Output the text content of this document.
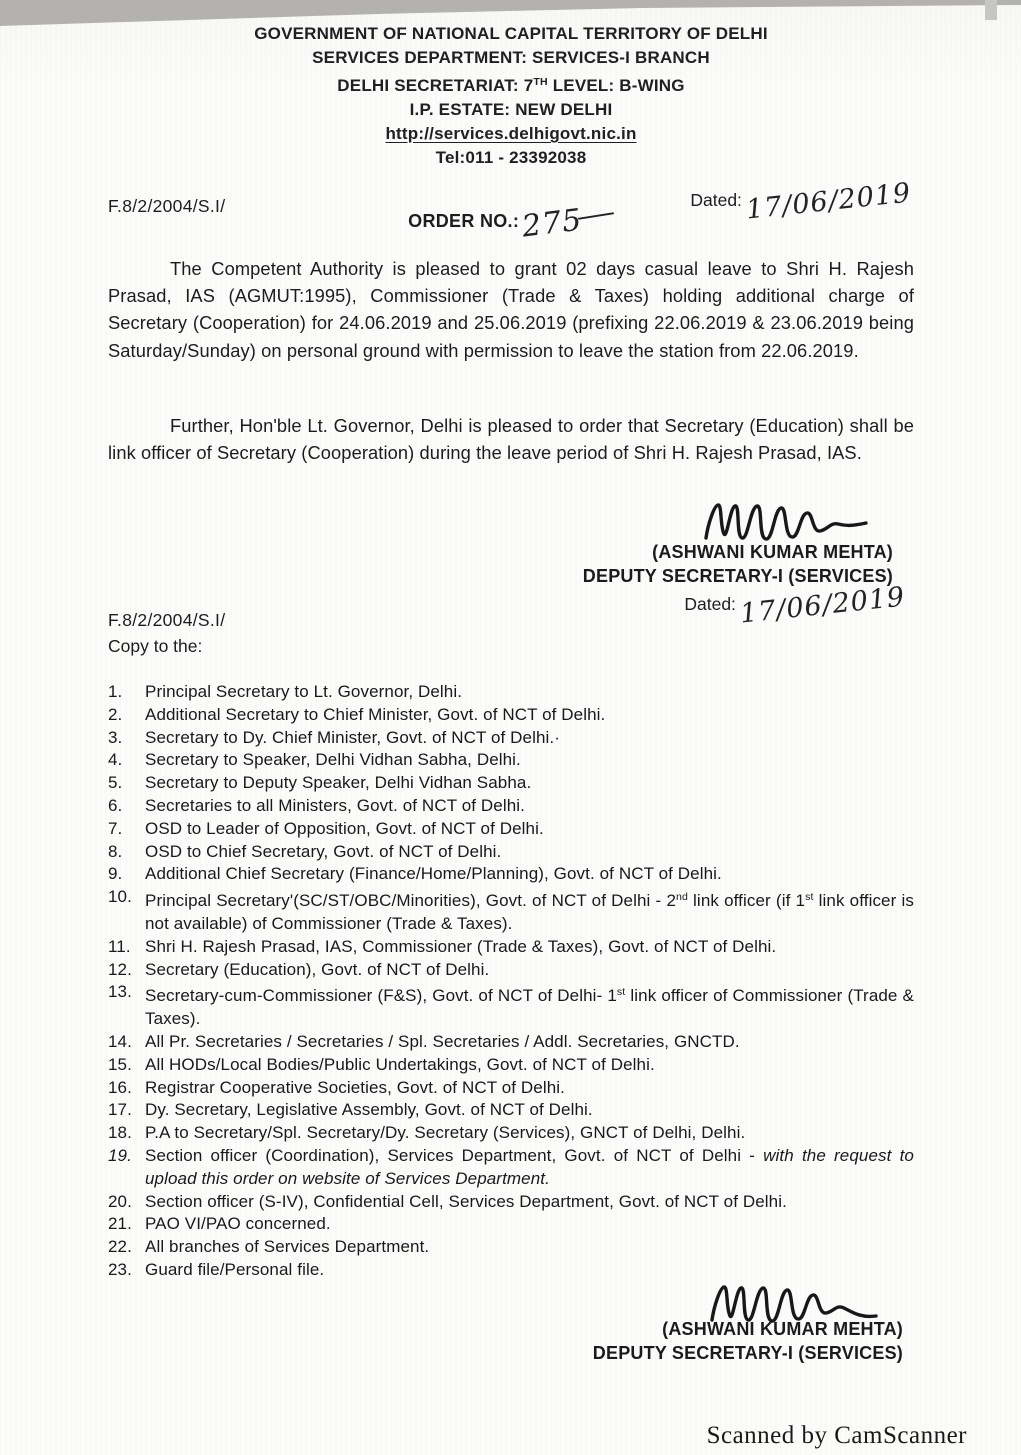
GOVERNMENT OF NATIONAL CAPITAL TERRITORY OF DELHI
SERVICES DEPARTMENT: SERVICES-I BRANCH
DELHI SECRETARIAT: 7TH LEVEL: B-WING
I.P. ESTATE: NEW DELHI
http://services.delhigovt.nic.in
Tel:011 - 23392038
F.8/2/2004/S.I/	Dated: 17/06/2019
ORDER NO.: 275
The Competent Authority is pleased to grant 02 days casual leave to Shri H. Rajesh Prasad, IAS (AGMUT:1995), Commissioner (Trade & Taxes) holding additional charge of Secretary (Cooperation) for 24.06.2019 and 25.06.2019 (prefixing 22.06.2019 & 23.06.2019 being Saturday/Sunday) on personal ground with permission to leave the station from 22.06.2019.
Further, Hon'ble Lt. Governor, Delhi is pleased to order that Secretary (Education) shall be link officer of Secretary (Cooperation) during the leave period of Shri H. Rajesh Prasad, IAS.
(ASHWANI KUMAR MEHTA)
DEPUTY SECRETARY-I (SERVICES)
F.8/2/2004/S.I/
Copy to the:
Dated: 17/06/2019
1.	Principal Secretary to Lt. Governor, Delhi.
2.	Additional Secretary to Chief Minister, Govt. of NCT of Delhi.
3.	Secretary to Dy. Chief Minister, Govt. of NCT of Delhi.·
4.	Secretary to Speaker, Delhi Vidhan Sabha, Delhi.
5.	Secretary to Deputy Speaker, Delhi Vidhan Sabha.
6.	Secretaries to all Ministers, Govt. of NCT of Delhi.
7.	OSD to Leader of Opposition, Govt. of NCT of Delhi.
8.	OSD to Chief Secretary, Govt. of NCT of Delhi.
9.	Additional Chief Secretary (Finance/Home/Planning), Govt. of NCT of Delhi.
10. Principal Secretary'(SC/ST/OBC/Minorities), Govt. of NCT of Delhi - 2nd link officer (if 1st link officer is not available) of Commissioner (Trade & Taxes).
11. Shri H. Rajesh Prasad, IAS, Commissioner (Trade & Taxes), Govt. of NCT of Delhi.
12. Secretary (Education), Govt. of NCT of Delhi.
13. Secretary-cum-Commissioner (F&S), Govt. of NCT of Delhi- 1st link officer of Commissioner (Trade & Taxes).
14. All Pr. Secretaries / Secretaries / Spl. Secretaries / Addl. Secretaries, GNCTD.
15. All HODs/Local Bodies/Public Undertakings, Govt. of NCT of Delhi.
16. Registrar Cooperative Societies, Govt. of NCT of Delhi.
17. Dy. Secretary, Legislative Assembly, Govt. of NCT of Delhi.
18. P.A to Secretary/Spl. Secretary/Dy. Secretary (Services), GNCT of Delhi, Delhi.
19. Section officer (Coordination), Services Department, Govt. of NCT of Delhi - with the request to upload this order on website of Services Department.
20. Section officer (S-IV), Confidential Cell, Services Department, Govt. of NCT of Delhi.
21. PAO VI/PAO concerned.
22. All branches of Services Department.
23. Guard file/Personal file.
(ASHWANI KUMAR MEHTA)
DEPUTY SECRETARY-I (SERVICES)
Scanned by CamScanner
